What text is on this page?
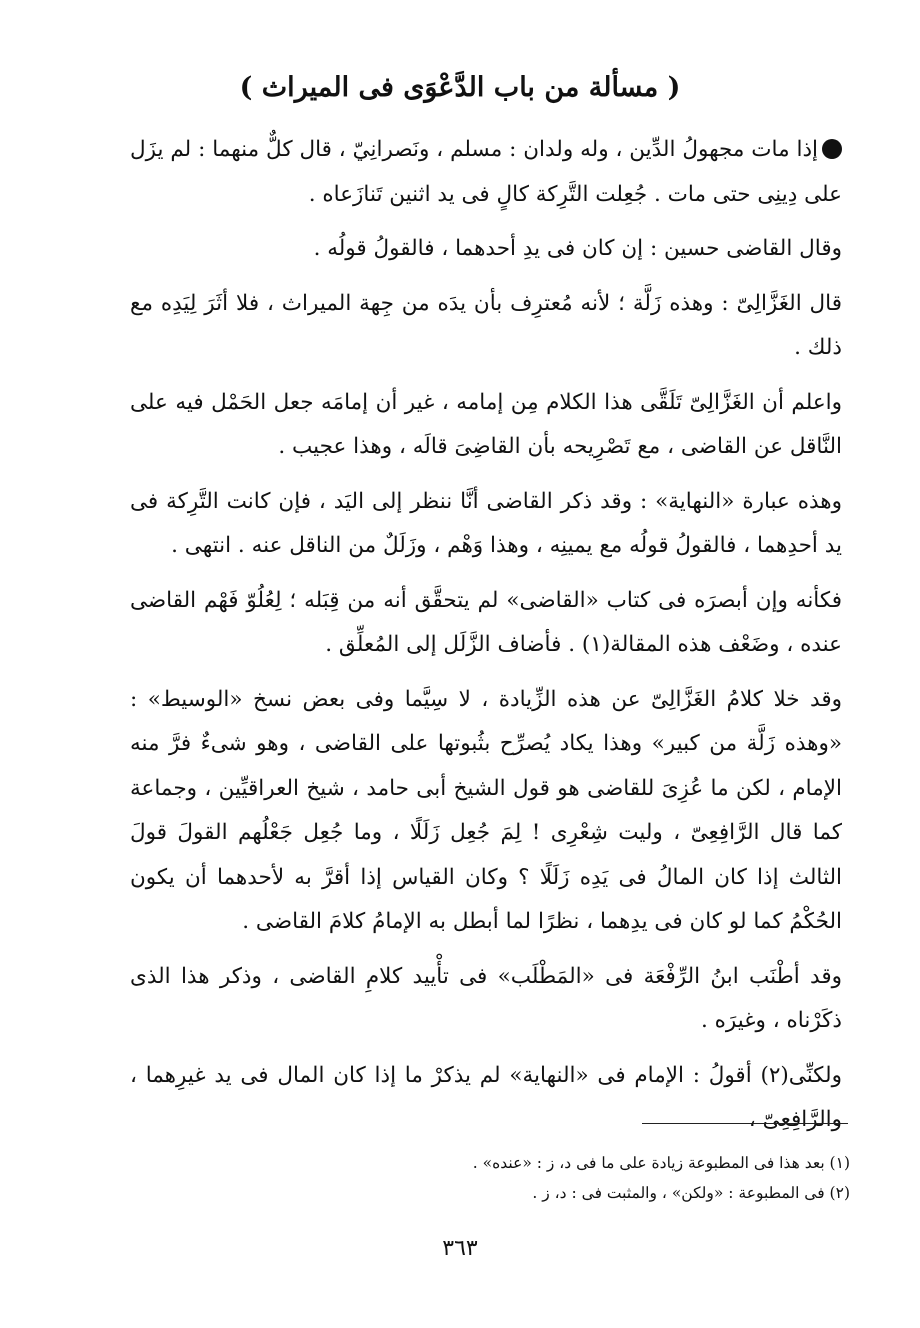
( مسألة من باب الدَّعْوَى فى الميراث )

إذا مات مجهولُ الدِّين ، وله ولدان : مسلم ، ونَصرانِيّ ، قال كلٌّ منهما : لم يزَل على دِينِى حتى مات . جُعِلت التَّرِكة كالٍ فى يد اثنين تَنازَعاه .

وقال القاضى حسين : إن كان فى يدِ أحدهما ، فالقولُ قولُه .

قال الغَزَّالِىّ : وهذه زَلَّة ؛ لأنه مُعترِف بأن يدَه من جِهة الميراث ، فلا أثَرَ لِيَدِه مع ذلك .

واعلم أن الغَزَّالِىّ تَلَقَّى هذا الكلام مِن إمامه ، غير أن إمامَه جعل الحَمْل فيه على النَّاقل عن القاضى ، مع تَصْرِيحه بأن القاضِىَ قالَه ، وهذا عجيب .

وهذه عبارة «النهاية» : وقد ذكر القاضى أنَّا ننظر إلى اليَد ، فإن كانت التَّرِكة فى يد أحدِهما ، فالقولُ قولُه مع يمينِه ، وهذا وَهْم ، وزَلَلٌ من الناقل عنه . انتهى .

فكأنه وإن أبصرَه فى كتاب «القاضى» لم يتحقَّق أنه من قِبَله ؛ لِعُلُوّ فَهْم القاضى عنده ، وضَعْف هذه المقالة(١) . فأضاف الزَّلَل إلى المُعلِّق .

وقد خلا كلامُ الغَزَّالِىّ عن هذه الزِّيادة ، لا سِيَّما وفى بعض نسخ «الوسيط» : «وهذه زَلَّة من كبير» وهذا يكاد يُصرِّح بثُبوتها على القاضى ، وهو شىءٌ فرَّ منه الإمام ، لكن ما عُزِىَ للقاضى هو قول الشيخ أبى حامد ، شيخ العراقيِّين ، وجماعة كما قال الرَّافِعِىّ ، وليت شِعْرِى ! لِمَ جُعِل زَلَلًا ، وما جُعِل جَعْلُهم القولَ قولَ الثالث إذا كان المالُ فى يَدِه زَلَلًا ؟ وكان القياس إذا أقرَّ به لأحدهما أن يكون الحُكْمُ كما لو كان فى يدِهما ، نظرًا لما أبطل به الإمامُ كلامَ القاضى .

وقد أطْنَب ابنُ الرِّفْعَة فى «المَطْلَب» فى تأْييد كلامِ القاضى ، وذكر هذا الذى ذكَرْناه ، وغيرَه .

ولكنِّى(٢) أقولُ : الإمام فى «النهاية» لم يذكرْ ما إذا كان المال فى يد غيرِهما ، والرَّافِعِىّ ،

(١) بعد هذا فى المطبوعة زيادة على ما فى د، ز : «عنده» .
(٢) فى المطبوعة : «ولكن» ، والمثبت فى : د، ز .
٣٦٣
